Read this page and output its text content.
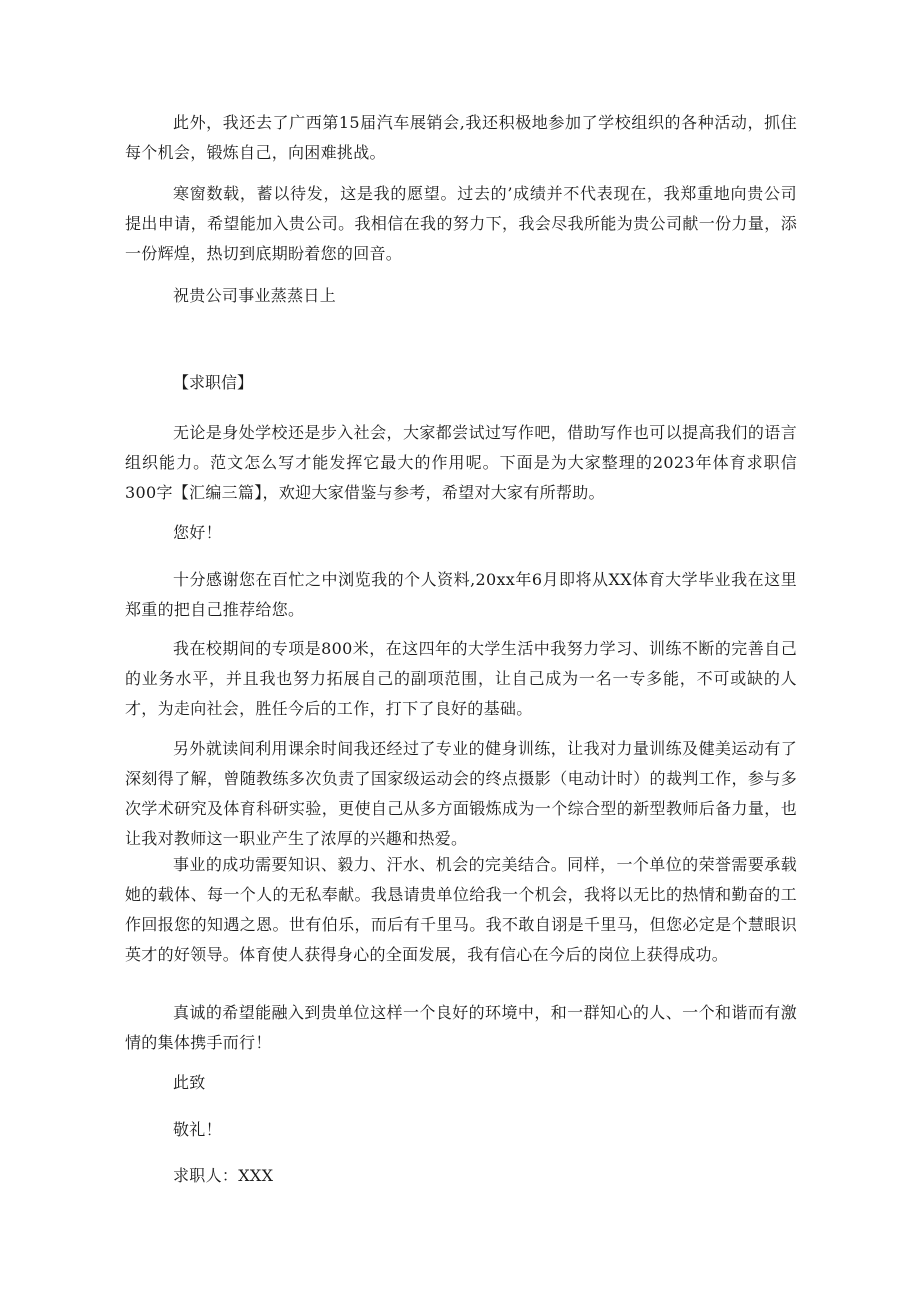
此外，我还去了广西第15届汽车展销会,我还积极地参加了学校组织的各种活动，抓住每个机会，锻炼自己，向困难挑战。

寒窗数载，蓄以待发，这是我的愿望。过去的’成绩并不代表现在，我郑重地向贵公司提出申请，希望能加入贵公司。我相信在我的努力下，我会尽我所能为贵公司献一份力量，添一份辉煌，热切到底期盼着您的回音。

祝贵公司事业蒸蒸日上

【求职信】

无论是身处学校还是步入社会，大家都尝试过写作吧，借助写作也可以提高我们的语言组织能力。范文怎么写才能发挥它最大的作用呢。下面是为大家整理的2023年体育求职信300字【汇编三篇】，欢迎大家借鉴与参考，希望对大家有所帮助。

您好！

十分感谢您在百忙之中浏览我的个人资料,20xx年6月即将从XX体育大学毕业我在这里郑重的把自己推荐给您。

我在校期间的专项是800米，在这四年的大学生活中我努力学习、训练不断的完善自己的业务水平，并且我也努力拓展自己的副项范围，让自己成为一名一专多能，不可或缺的人才，为走向社会，胜任今后的工作，打下了良好的基础。

另外就读间利用课余时间我还经过了专业的健身训练，让我对力量训练及健美运动有了深刻得了解，曾随教练多次负责了国家级运动会的终点摄影（电动计时）的裁判工作，参与多次学术研究及体育科研实验，更使自己从多方面锻炼成为一个综合型的新型教师后备力量，也让我对教师这一职业产生了浓厚的兴趣和热爱。

事业的成功需要知识、毅力、汗水、机会的完美结合。同样，一个单位的荣誉需要承载她的载体、每一个人的无私奉献。我恳请贵单位给我一个机会，我将以无比的热情和勤奋的工作回报您的知遇之恩。世有伯乐，而后有千里马。我不敢自诩是千里马，但您必定是个慧眼识英才的好领导。体育使人获得身心的全面发展，我有信心在今后的岗位上获得成功。

真诚的希望能融入到贵单位这样一个良好的环境中，和一群知心的人、一个和谐而有激情的集体携手而行！

此致

敬礼！

求职人：XXX
